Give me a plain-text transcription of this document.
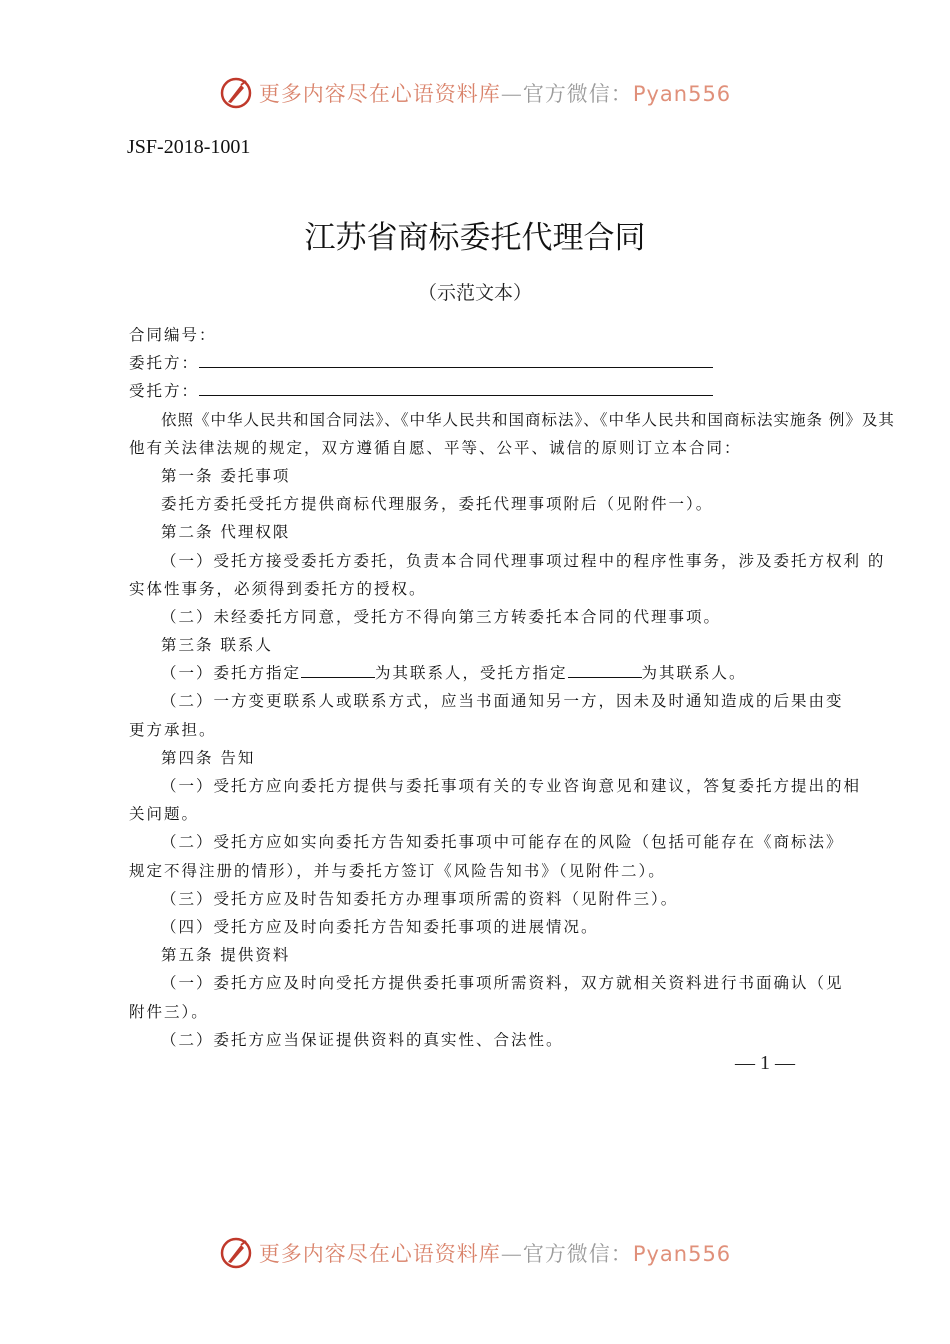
更多内容尽在心语资料库—官方微信：Pyan556
JSF-2018-1001
江苏省商标委托代理合同
（示范文本）
合同编号：
委托方：
受托方：
依照《中华人民共和国合同法》、《中华人民共和国商标法》、《中华人民共和国商标法实施条 例》及其
他有关法律法规的规定，双方遵循自愿、平等、公平、诚信的原则订立本合同：
第一条 委托事项
委托方委托受托方提供商标代理服务，委托代理事项附后（见附件一）。
第二条 代理权限
（一）受托方接受委托方委托，负责本合同代理事项过程中的程序性事务，涉及委托方权利 的
实体性事务，必须得到委托方的授权。
（二）未经委托方同意，受托方不得向第三方转委托本合同的代理事项。
第三条 联系人
（一）委托方指定	为其联系人，受托方指定	为其联系人。
（二）一方变更联系人或联系方式，应当书面通知另一方，因未及时通知造成的后果由变
更方承担。
第四条 告知
（一）受托方应向委托方提供与委托事项有关的专业咨询意见和建议，答复委托方提出的相
关问题。
（二）受托方应如实向委托方告知委托事项中可能存在的风险（包括可能存在《商标法》
规定不得注册的情形），并与委托方签订《风险告知书》（见附件二）。
（三）受托方应及时告知委托方办理事项所需的资料（见附件三）。
（四）受托方应及时向委托方告知委托事项的进展情况。
第五条 提供资料
（一）委托方应及时向受托方提供委托事项所需资料，双方就相关资料进行书面确认（见
附件三）。
（二）委托方应当保证提供资料的真实性、合法性。
— 1 —
更多内容尽在心语资料库—官方微信：Pyan556
